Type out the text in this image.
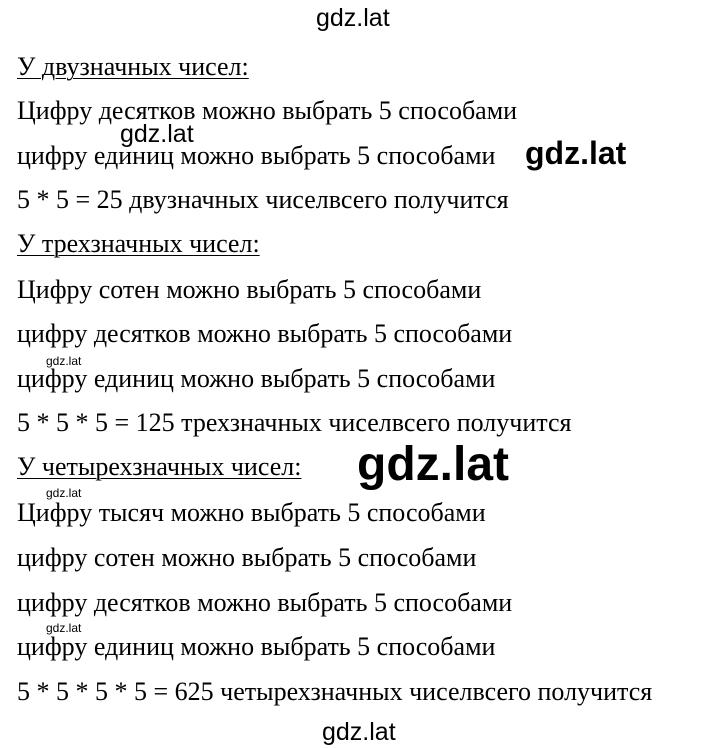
У двузначных чисел:
Цифру десятков можно выбрать 5 способами
цифру единиц можно выбрать 5 способами
5 * 5 = 25 двузначных чиселвсего получится
У трехзначных чисел:
Цифру сотен можно выбрать 5 способами
цифру десятков можно выбрать 5 способами
цифру единиц можно выбрать 5 способами
5 * 5 * 5 = 125 трехзначных чиселвсего получится
У четырехзначных чисел:
Цифру тысяч можно выбрать 5 способами
цифру сотен можно выбрать 5 способами
цифру десятков можно выбрать 5 способами
цифру единиц можно выбрать 5 способами
5 * 5 * 5 * 5 = 625 четырехзначных чиселвсего получится
gdz.lat
gdz.lat
gdz.lat
gdz.lat
gdz.lat
gdz.lat
gdz.lat
gdz.lat
